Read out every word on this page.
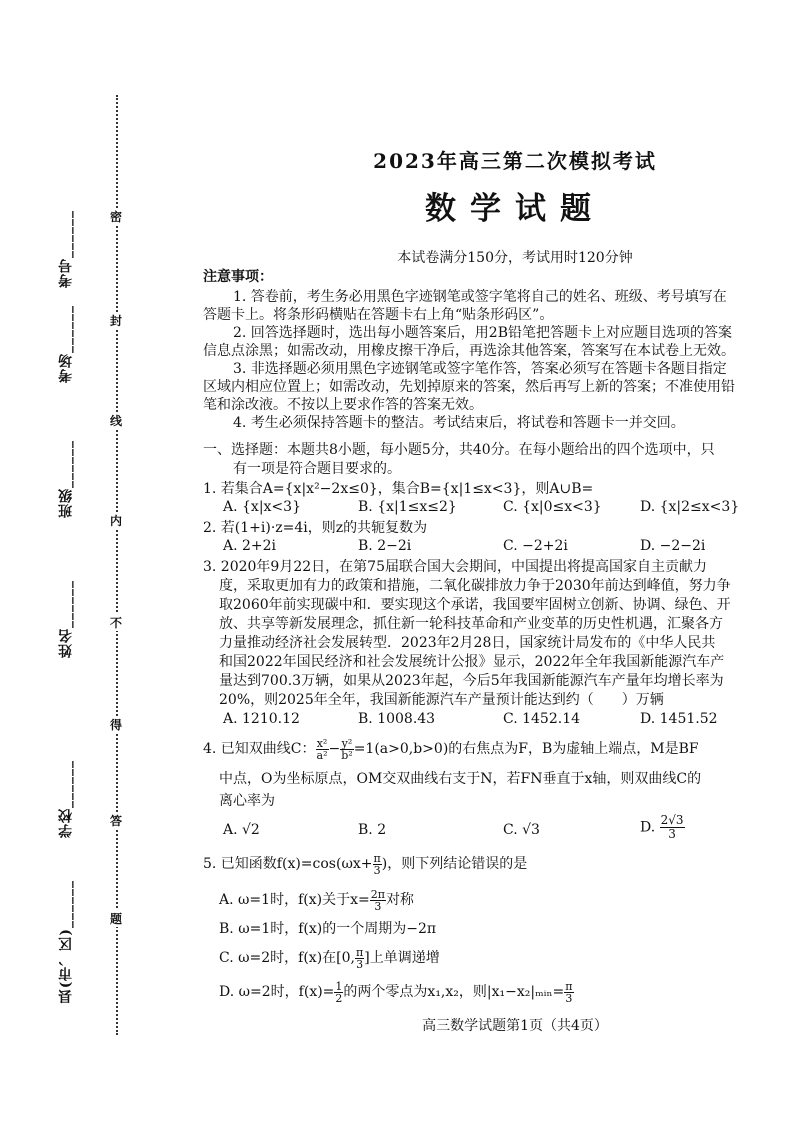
考号______
考场______
班级______
姓名______
学校______
县(市、区)______
密
封
线
内
不
得
答
题
2023年高三第二次模拟考试
数学试题
本试卷满分150分，考试用时120分钟
注意事项：
1. 答卷前，考生务必用黑色字迹钢笔或签字笔将自己的姓名、班级、考号填写在
答题卡上。将条形码横贴在答题卡右上角“贴条形码区”。
2. 回答选择题时，选出每小题答案后，用2B铅笔把答题卡上对应题目选项的答案
信息点涂黑；如需改动，用橡皮擦干净后，再选涂其他答案，答案写在本试卷上无效。
3. 非选择题必须用黑色字迹钢笔或签字笔作答，答案必须写在答题卡各题目指定
区域内相应位置上；如需改动，先划掉原来的答案，然后再写上新的答案；不准使用铅
笔和涂改液。不按以上要求作答的答案无效。
4. 考生必须保持答题卡的整洁。考试结束后，将试卷和答题卡一并交回。
一、选择题：本题共8小题，每小题5分，共40分。在每小题给出的四个选项中，只
有一项是符合题目要求的。
1. 若集合A={x|x²−2x≤0}，集合B={x|1≤x<3}，则A∪B=
A. {x|x<3}	B. {x|1≤x≤2}	C. {x|0≤x<3}	D. {x|2≤x<3}
2. 若(1+i)·z=4i，则z的共轭复数为
A. 2+2i	B. 2−2i	C. −2+2i	D. −2−2i
3. 2020年9月22日，在第75届联合国大会期间，中国提出将提高国家自主贡献力
度，采取更加有力的政策和措施，二氧化碳排放力争于2030年前达到峰值，努力争
取2060年前实现碳中和．要实现这个承诺，我国要牢固树立创新、协调、绿色、开
放、共享等新发展理念，抓住新一轮科技革命和产业变革的历史性机遇，汇聚各方
力量推动经济社会发展转型．2023年2月28日，国家统计局发布的《中华人民共
和国2022年国民经济和社会发展统计公报》显示，2022年全年我国新能源汽车产
量达到700.3万辆，如果从2023年起，今后5年我国新能源汽车产量年均增长率为
20%，则2025年全年，我国新能源汽车产量预计能达到约（　　）万辆
A. 1210.12	B. 1008.43	C. 1452.14	D. 1451.52
4. 已知双曲线C： $\frac{\text{x²}}{\text{a²}} - \frac{\text{y²}}{\text{b²}} =1(a>0,b>0)$的右焦点为F，B为虚轴上端点，M是BF
中点，O为坐标原点，OM交双曲线右支于N，若FN垂直于x轴，则双曲线C的
离心率为
A. √2	B. 2	C. √3	D. $\frac{2√3}{3}$
5. 已知函数$f(x)=\cos(\omega x+ \frac{\pi}{3}$ )，则下列结论错误的是
A. ω=1时，f(x)关于$x= \frac{2\pi}{3}$ 对称
B. ω=1时，f(x)的一个周期为−2π
C. ω=2时，f(x)在[0, $\frac{\pi}{3}$ ]上单调递增
D. ω=2时，$f(x)= \frac{1}{2}$ 的两个零点为x₁,x₂，则|x₁−x₂|ₘᵢₙ= $\frac{\pi}{3}$
高三数学试题第1页（共4页）
